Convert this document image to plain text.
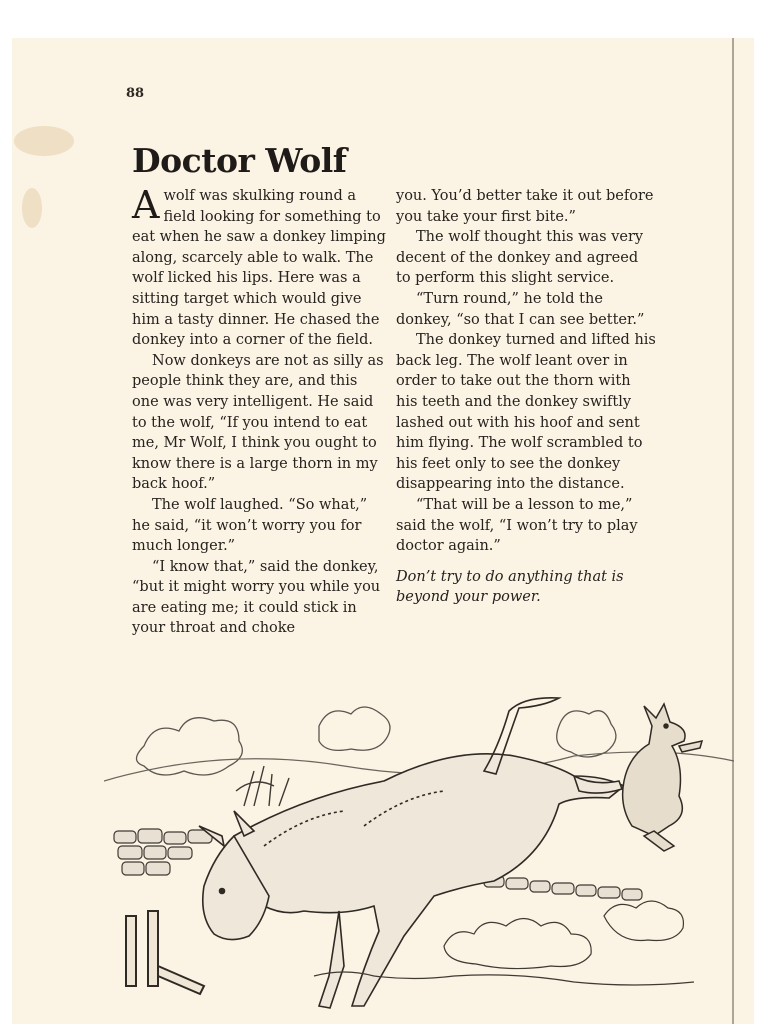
88
Doctor Wolf

Awolf was skulking round a field looking for something to eat when he saw a donkey limping along, scarcely able to walk. The wolf licked his lips. Here was a sitting target which would give him a tasty dinner. He chased the donkey into a corner of the field.

Now donkeys are not as silly as people think they are, and this one was very intelligent. He said to the wolf, “If you intend to eat me, Mr Wolf, I think you ought to know there is a large thorn in my back hoof.”

The wolf laughed. “So what,” he said, “it won’t worry you for much longer.”

“I know that,” said the donkey, “but it might worry you while you are eating me; it could stick in your throat and choke

you. You’d better take it out before you take your first bite.”

The wolf thought this was very decent of the donkey and agreed to perform this slight service.

“Turn round,” he told the donkey, “so that I can see better.”

The donkey turned and lifted his back leg. The wolf leant over in order to take out the thorn with his teeth and the donkey swiftly lashed out with his hoof and sent him flying. The wolf scrambled to his feet only to see the donkey disappearing into the distance.

“That will be a lesson to me,” said the wolf, “I won’t try to play doctor again.”

Don’t try to do anything that is beyond your power.
